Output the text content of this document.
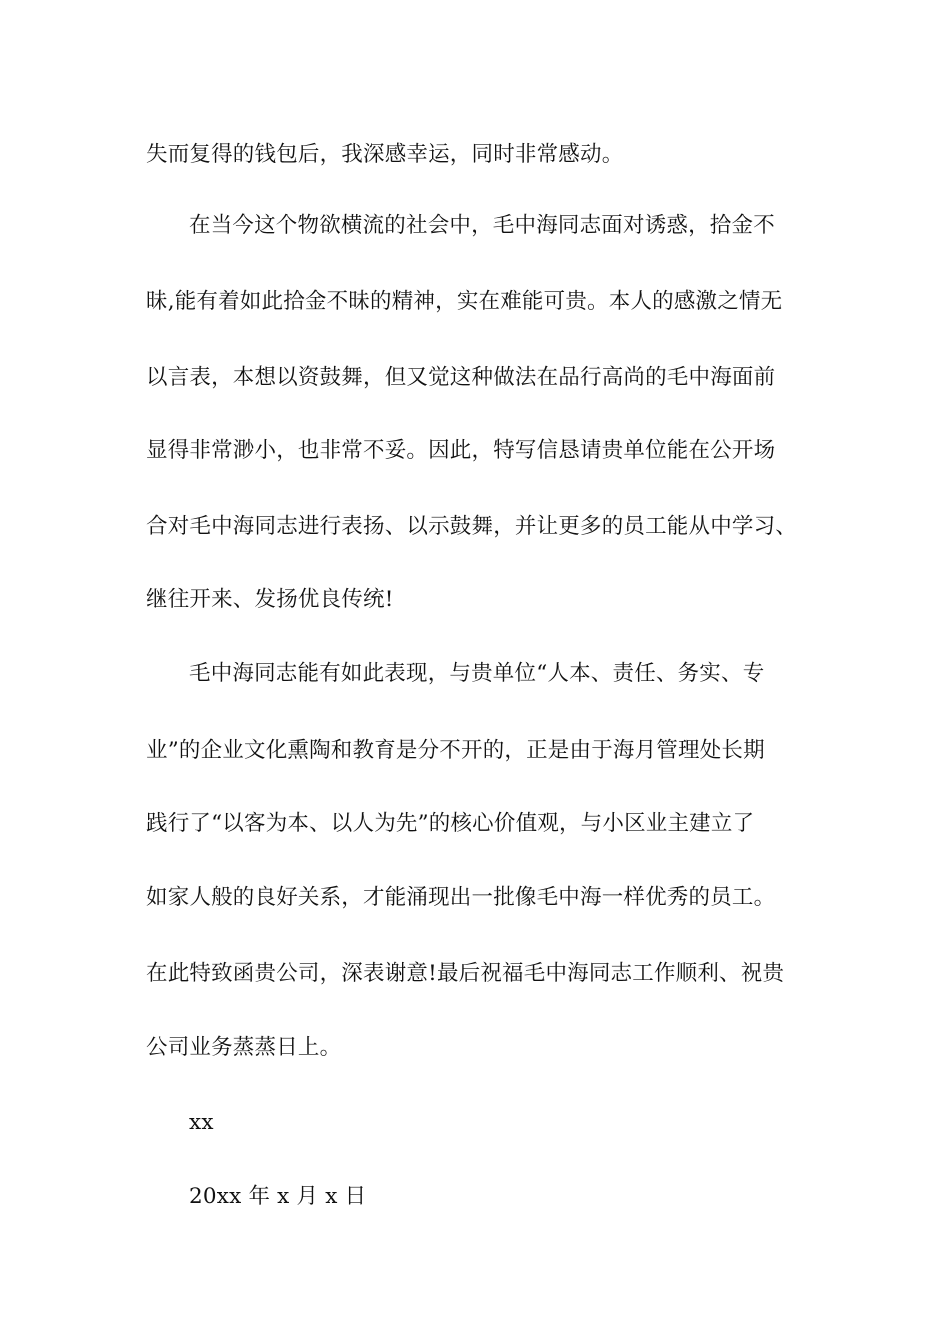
失而复得的钱包后，我深感幸运，同时非常感动。
在当今这个物欲横流的社会中，毛中海同志面对诱惑，拾金不
昧,能有着如此拾金不昧的精神，实在难能可贵。本人的感激之情无
以言表，本想以资鼓舞，但又觉这种做法在品行高尚的毛中海面前
显得非常渺小，也非常不妥。因此，特写信恳请贵单位能在公开场
合对毛中海同志进行表扬、以示鼓舞，并让更多的员工能从中学习、
继往开来、发扬优良传统!
毛中海同志能有如此表现，与贵单位“人本、责任、务实、专
业”的企业文化熏陶和教育是分不开的，正是由于海月管理处长期
践行了“以客为本、以人为先”的核心价值观，与小区业主建立了
如家人般的良好关系，才能涌现出一批像毛中海一样优秀的员工。
在此特致函贵公司，深表谢意!最后祝福毛中海同志工作顺利、祝贵
公司业务蒸蒸日上。
xx
20xx 年 x 月 x 日
